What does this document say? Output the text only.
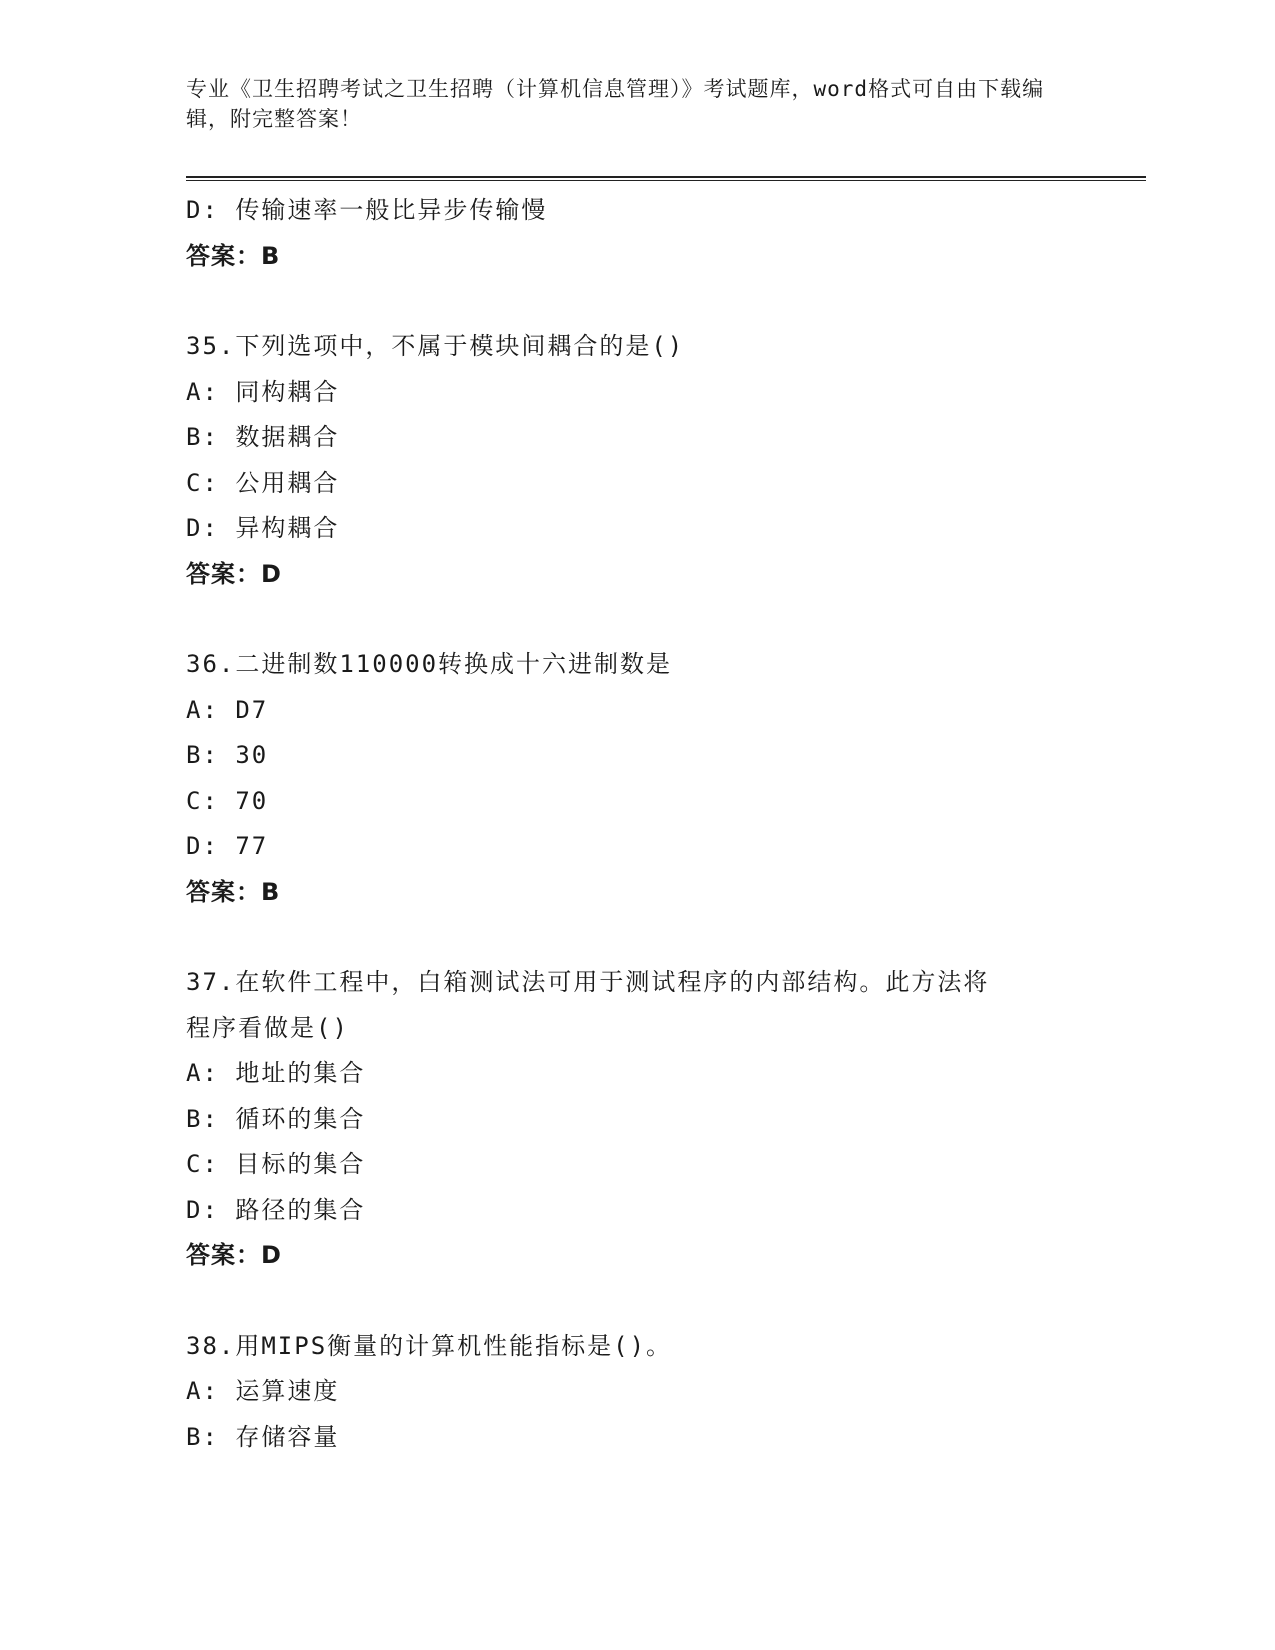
专业《卫生招聘考试之卫生招聘（计算机信息管理）》考试题库，word格式可自由下载编辑，附完整答案！

D: 传输速率一般比异步传输慢
答案：B
35.下列选项中，不属于模块间耦合的是()
A: 同构耦合
B: 数据耦合
C: 公用耦合
D: 异构耦合
答案：D
36.二进制数110000转换成十六进制数是
A: D7
B: 30
C: 70
D: 77
答案：B
37.在软件工程中，白箱测试法可用于测试程序的内部结构。此方法将
程序看做是()
A: 地址的集合
B: 循环的集合
C: 目标的集合
D: 路径的集合
答案：D
38.用MIPS衡量的计算机性能指标是()。
A: 运算速度
B: 存储容量
